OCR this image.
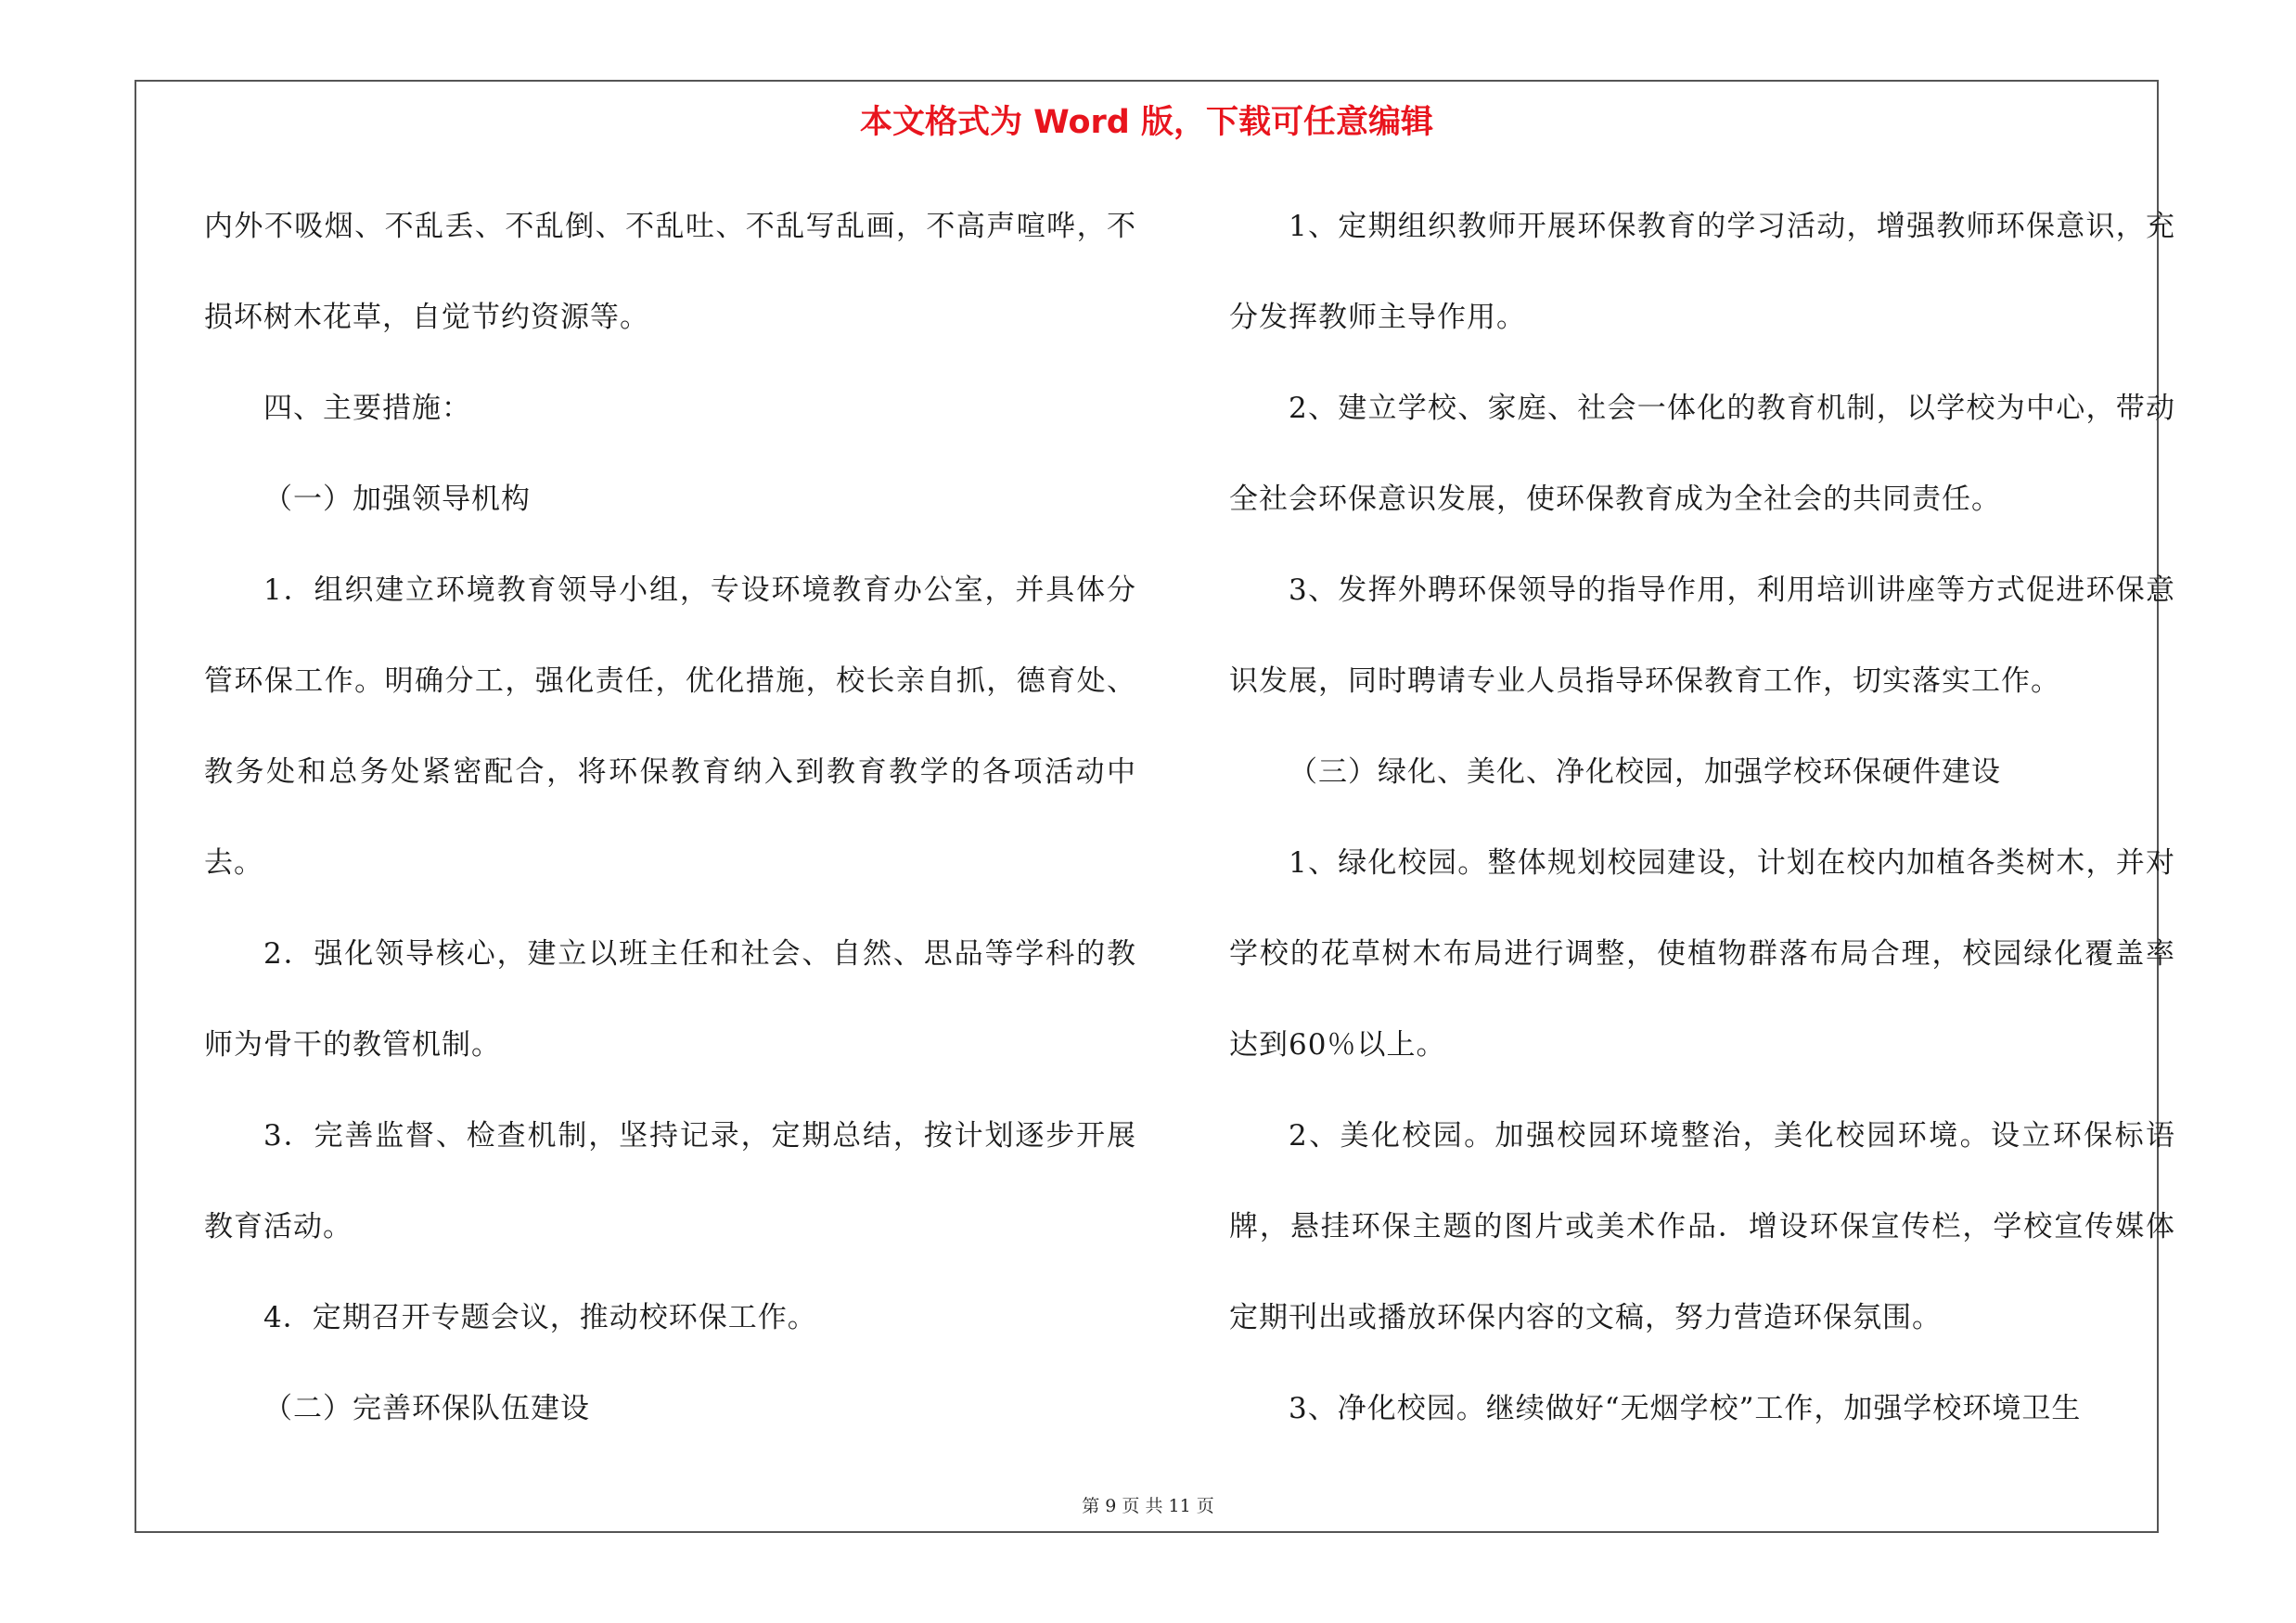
本文格式为 Word 版，下载可任意编辑

内外不吸烟、不乱丢、不乱倒、不乱吐、不乱写乱画，不高声喧哗，不损坏树木花草，自觉节约资源等。

四、主要措施：

（一）加强领导机构

1．组织建立环境教育领导小组，专设环境教育办公室，并具体分管环保工作。明确分工，强化责任，优化措施，校长亲自抓，德育处、教务处和总务处紧密配合，将环保教育纳入到教育教学的各项活动中去。

2．强化领导核心，建立以班主任和社会、自然、思品等学科的教师为骨干的教管机制。

3．完善监督、检查机制，坚持记录，定期总结，按计划逐步开展教育活动。

4．定期召开专题会议，推动校环保工作。

（二）完善环保队伍建设

1、定期组织教师开展环保教育的学习活动，增强教师环保意识，充分发挥教师主导作用。

2、建立学校、家庭、社会一体化的教育机制，以学校为中心，带动全社会环保意识发展，使环保教育成为全社会的共同责任。

3、发挥外聘环保领导的指导作用，利用培训讲座等方式促进环保意识发展，同时聘请专业人员指导环保教育工作，切实落实工作。

（三）绿化、美化、净化校园，加强学校环保硬件建设

1、绿化校园。整体规划校园建设，计划在校内加植各类树木，并对学校的花草树木布局进行调整，使植物群落布局合理，校园绿化覆盖率达到60％以上。

2、美化校园。加强校园环境整治，美化校园环境。设立环保标语牌，悬挂环保主题的图片或美术作品．增设环保宣传栏，学校宣传媒体定期刊出或播放环保内容的文稿，努力营造环保氛围。

3、净化校园。继续做好“无烟学校”工作，加强学校环境卫生

第 9 页 共 11 页
